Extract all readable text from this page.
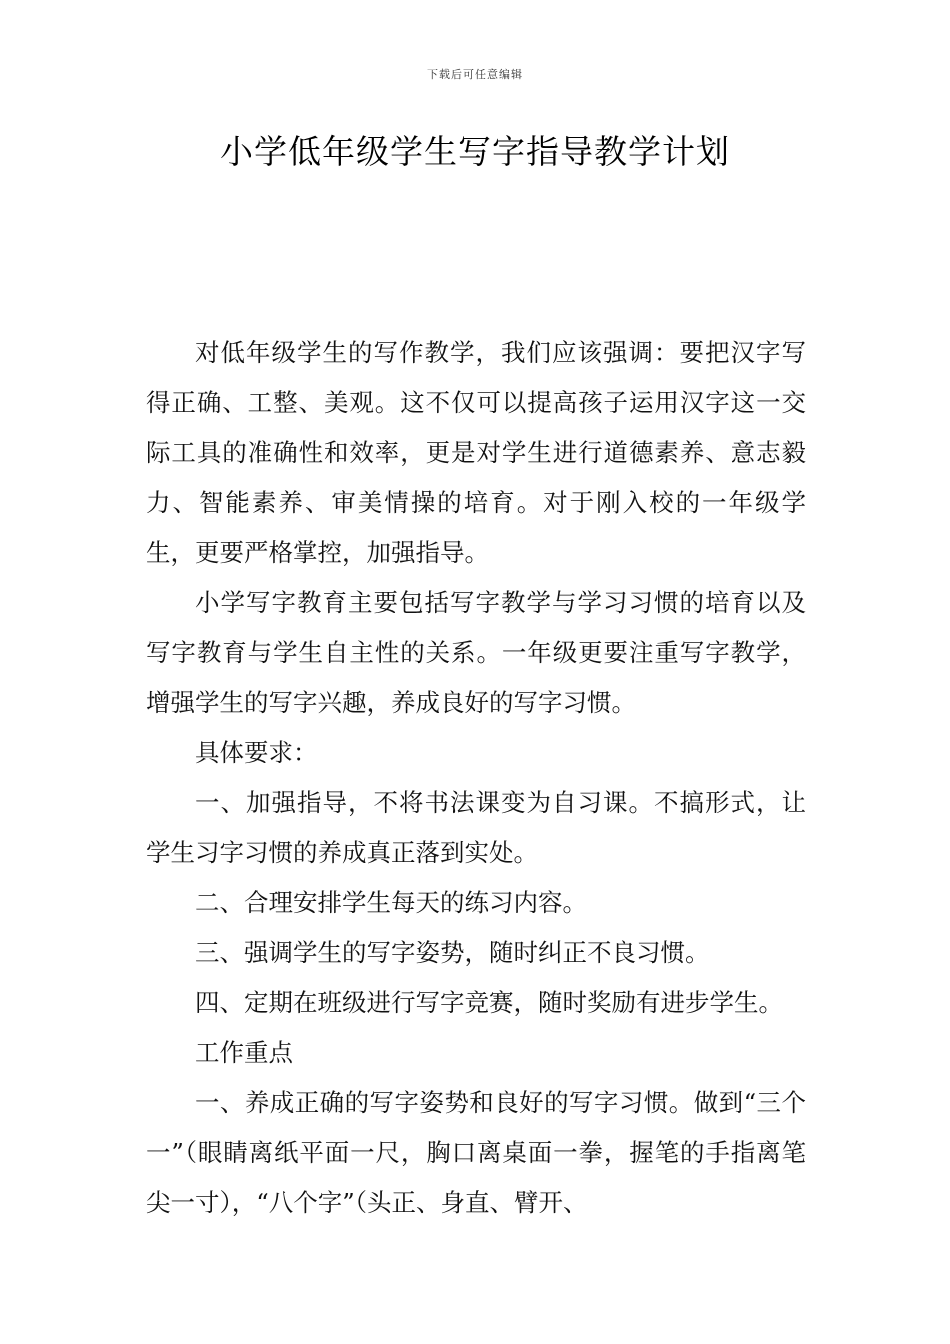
下载后可任意编辑
小学低年级学生写字指导教学计划

对低年级学生的写作教学，我们应该强调：要把汉字写得正确、工整、美观。这不仅可以提高孩子运用汉字这一交际工具的准确性和效率，更是对学生进行道德素养、意志毅力、智能素养、审美情操的培育。对于刚入校的一年级学生，更要严格掌控，加强指导。

小学写字教育主要包括写字教学与学习习惯的培育以及写字教育与学生自主性的关系。一年级更要注重写字教学，增强学生的写字兴趣，养成良好的写字习惯。

具体要求：

一、加强指导，不将书法课变为自习课。不搞形式，让学生习字习惯的养成真正落到实处。

二、合理安排学生每天的练习内容。

三、强调学生的写字姿势，随时纠正不良习惯。

四、定期在班级进行写字竞赛，随时奖励有进步学生。

工作重点

一、养成正确的写字姿势和良好的写字习惯。做到“三个一”（眼睛离纸平面一尺，胸口离桌面一拳，握笔的手指离笔尖一寸），“八个字”（头正、身直、臂开、
